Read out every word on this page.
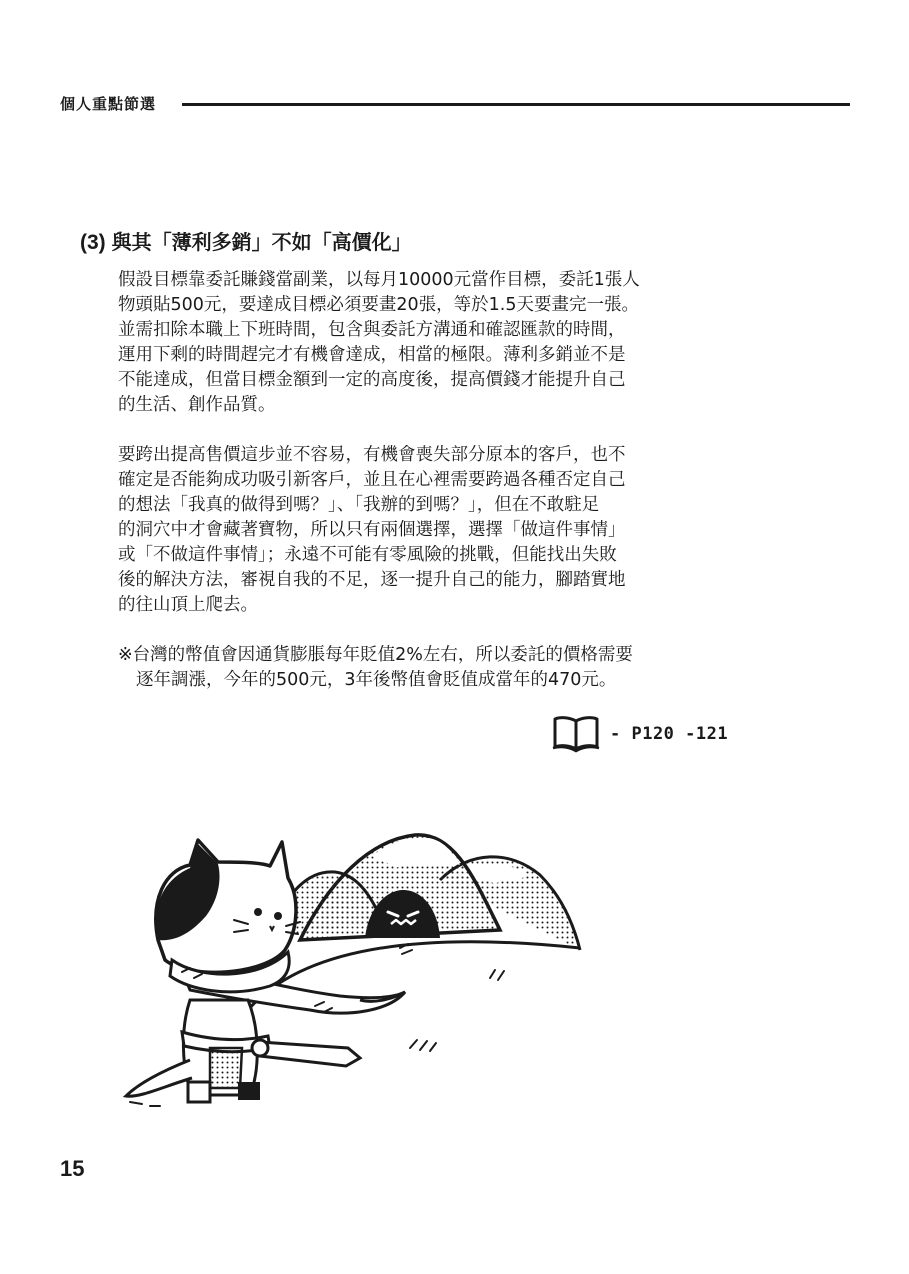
個人重點節選
(3) 與其「薄利多銷」不如「高價化」
假設目標靠委託賺錢當副業，以每月10000元當作目標，委託1張人
物頭貼500元，要達成目標必須要畫20張，等於1.5天要畫完一張。
並需扣除本職上下班時間，包含與委託方溝通和確認匯款的時間，
運用下剩的時間趕完才有機會達成，相當的極限。薄利多銷並不是
不能達成，但當目標金額到一定的高度後，提高價錢才能提升自己
的生活、創作品質。
要跨出提高售價這步並不容易，有機會喪失部分原本的客戶，也不
確定是否能夠成功吸引新客戶，並且在心裡需要跨過各種否定自己
的想法「我真的做得到嗎？」、「我辦的到嗎？」，但在不敢駐足
的洞穴中才會藏著寶物，所以只有兩個選擇，選擇「做這件事情」
或「不做這件事情」；永遠不可能有零風險的挑戰，但能找出失敗
後的解決方法，審視自我的不足，逐一提升自己的能力，腳踏實地
的往山頂上爬去。
※台灣的幣值會因通貨膨脹每年貶值2%左右，所以委託的價格需要
逐年調漲，今年的500元，3年後幣值會貶值成當年的470元。
- P120 -121
15
